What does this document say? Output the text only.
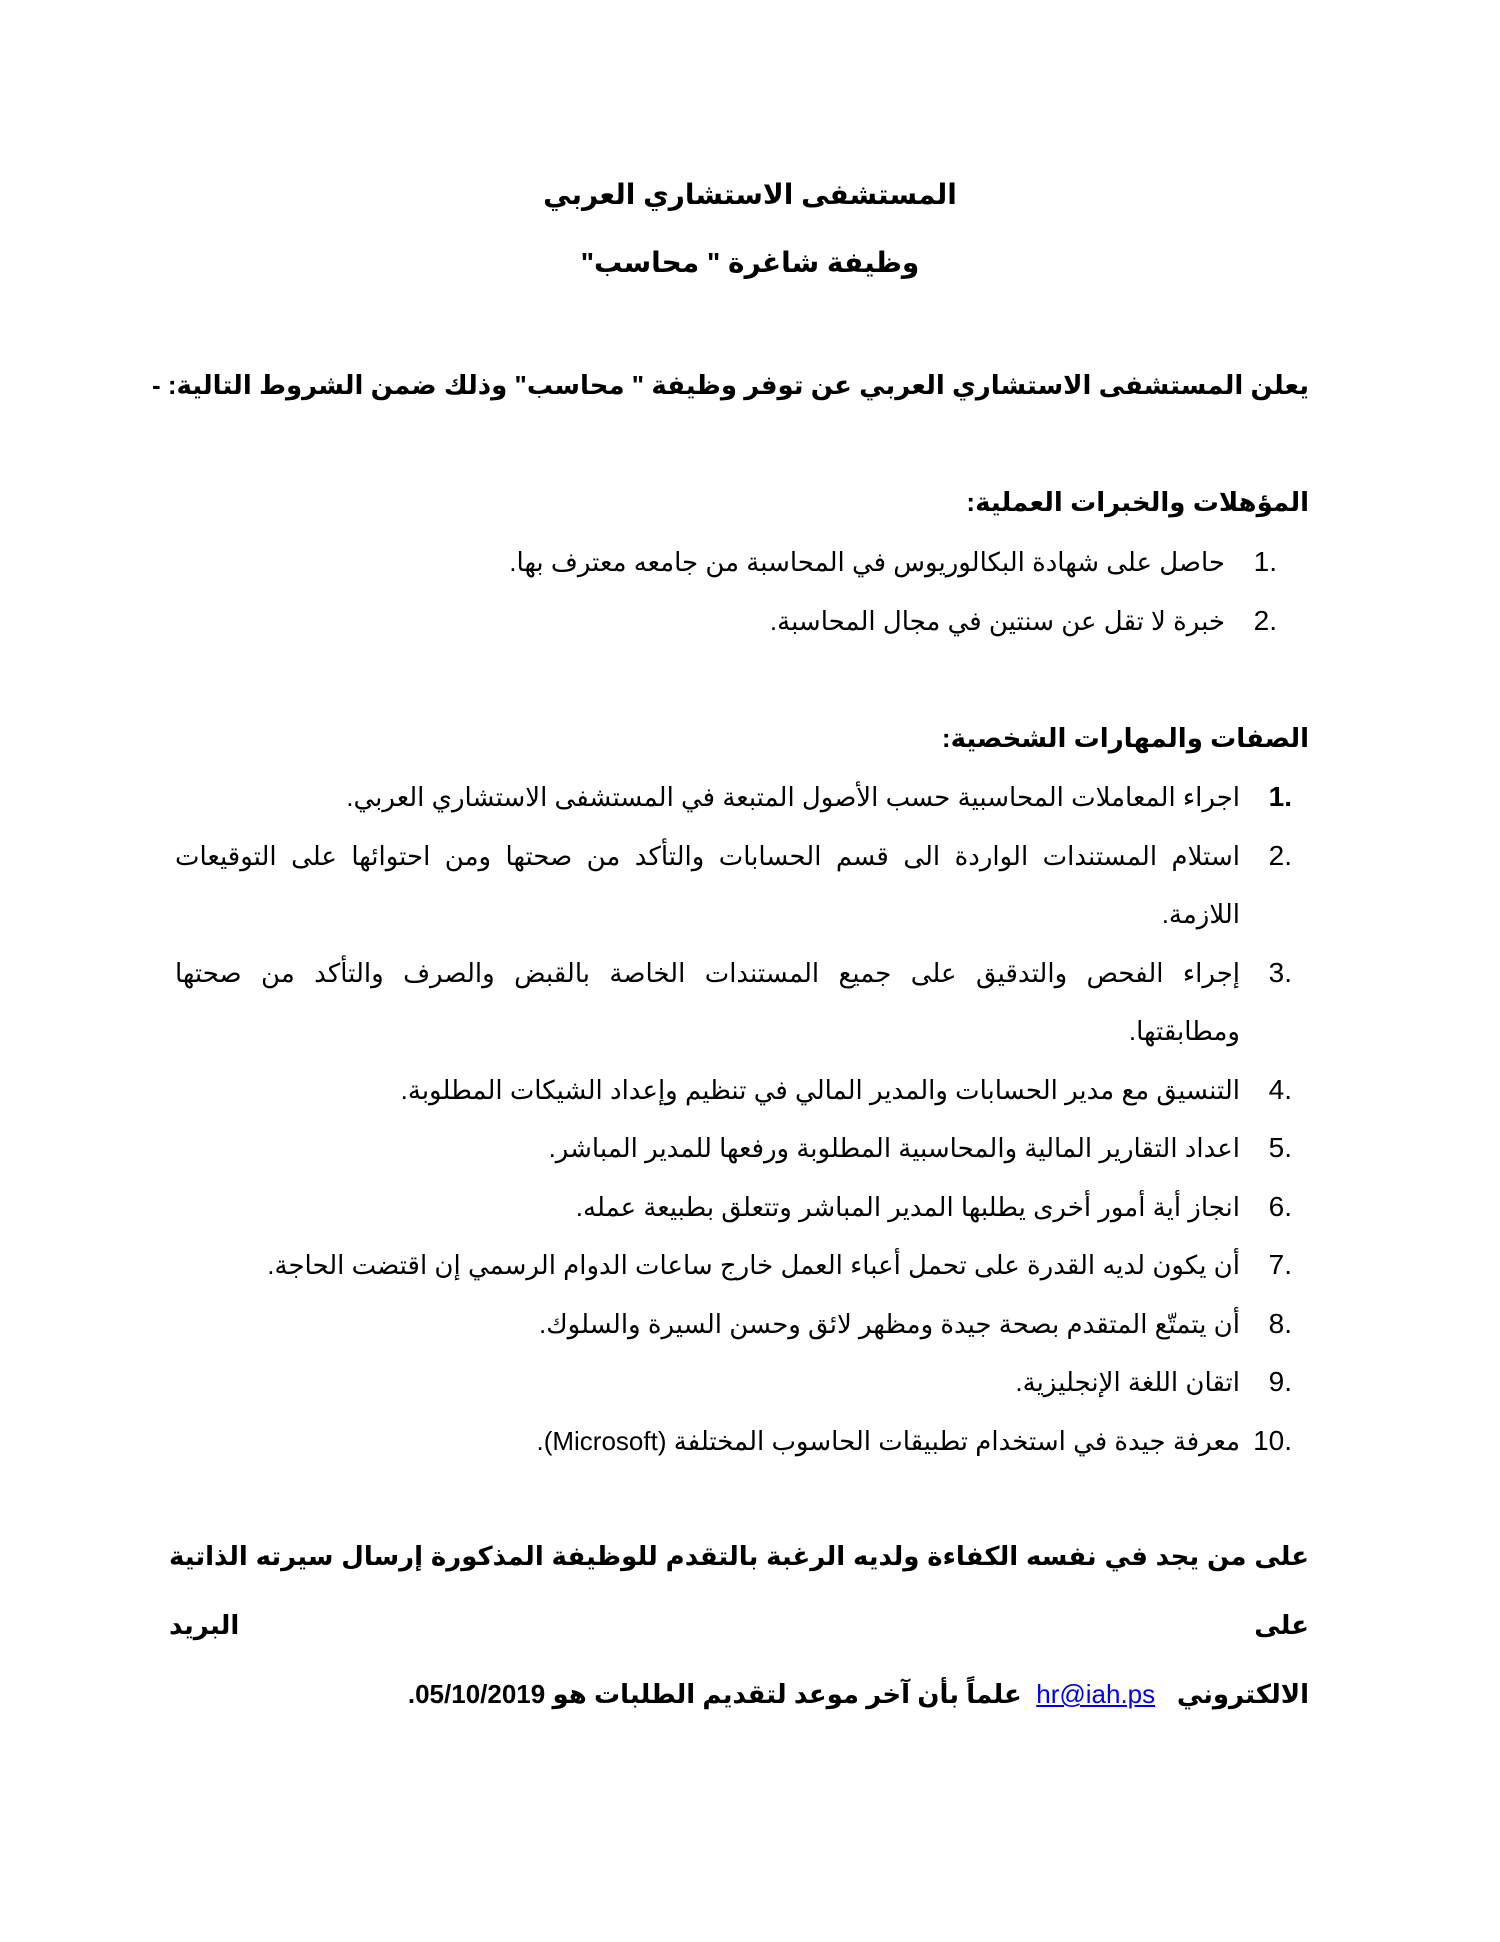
المستشفى الاستشاري العربي
وظيفة شاغرة " محاسب"
يعلن المستشفى الاستشاري العربي عن توفر وظيفة " محاسب" وذلك ضمن الشروط التالية: -
المؤهلات والخبرات العملية:
1.
حاصل على شهادة البكالوريوس في المحاسبة من جامعه معترف بها.
2.
خبرة لا تقل عن سنتين في مجال المحاسبة.
الصفات والمهارات الشخصية:
1.
اجراء المعاملات المحاسبية حسب الأصول المتبعة في المستشفى الاستشاري العربي.
2.
استلام المستندات الواردة الى قسم الحسابات والتأكد من صحتها ومن احتوائها على التوقيعات
اللازمة.
3.
إجراء الفحص والتدقيق على جميع المستندات الخاصة بالقبض والصرف والتأكد من صحتها
ومطابقتها.
4.
التنسيق مع مدير الحسابات والمدير المالي في تنظيم وإعداد الشيكات المطلوبة.
5.
اعداد التقارير المالية والمحاسبية المطلوبة ورفعها للمدير المباشر.
6.
انجاز أية أمور أخرى يطلبها المدير المباشر وتتعلق بطبيعة عمله.
7.
أن يكون لديه القدرة على تحمل أعباء العمل خارج ساعات الدوام الرسمي إن اقتضت الحاجة.
8.
أن يتمتّع المتقدم بصحة جيدة ومظهر لائق وحسن السيرة والسلوك.
9.
اتقان اللغة الإنجليزية.
10.
معرفة جيدة في استخدام تطبيقات الحاسوب المختلفة (Microsoft).
على من يجد في نفسه الكفاءة ولديه الرغبة بالتقدم للوظيفة المذكورة إرسال سيرته الذاتية على البريد
الالكتروني   hr@iah.ps  علماً بأن آخر موعد لتقديم الطلبات هو 05/10/2019.
